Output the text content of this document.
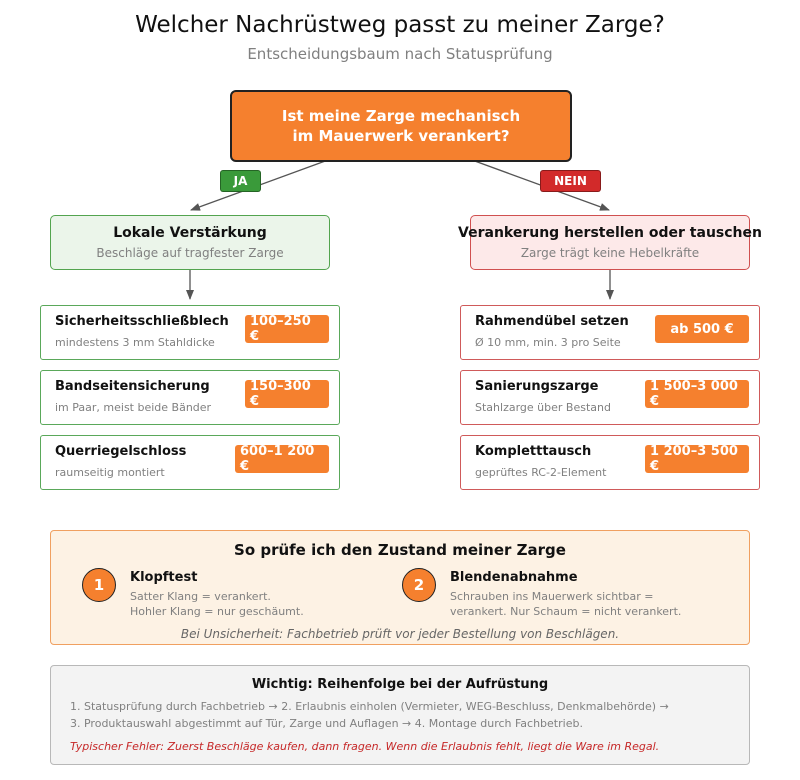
Welcher Nachrüstweg passt zu meiner Zarge?
Entscheidungsbaum nach Statusprüfung
Ist meine Zarge mechanisch
im Mauerwerk verankert?
JA	NEIN
Lokale Verstärkung
Beschläge auf tragfester Zarge
Verankerung herstellen oder tauschen
Zarge trägt keine Hebelkräfte
Sicherheitsschließblech
mindestens 3 mm Stahldicke
100–250 €
Bandseitensicherung
im Paar, meist beide Bänder
150–300 €
Querriegelschloss
raumseitig montiert
600–1 200 €
Rahmendübel setzen
Ø 10 mm, min. 3 pro Seite
ab 500 €
Sanierungszarge
Stahlzarge über Bestand
1 500–3 000 €
Kompletttausch
geprüftes RC-2-Element
1 200–3 500 €
So prüfe ich den Zustand meiner Zarge
1	Klopftest
Satter Klang = verankert.
Hohler Klang = nur geschäumt.
2	Blendenabnahme
Schrauben ins Mauerwerk sichtbar =
verankert. Nur Schaum = nicht verankert.
Bei Unsicherheit: Fachbetrieb prüft vor jeder Bestellung von Beschlägen.
Wichtig: Reihenfolge bei der Aufrüstung
1. Statusprüfung durch Fachbetrieb → 2. Erlaubnis einholen (Vermieter, WEG-Beschluss, Denkmalbehörde) →
3. Produktauswahl abgestimmt auf Tür, Zarge und Auflagen → 4. Montage durch Fachbetrieb.
Typischer Fehler: Zuerst Beschläge kaufen, dann fragen. Wenn die Erlaubnis fehlt, liegt die Ware im Regal.
